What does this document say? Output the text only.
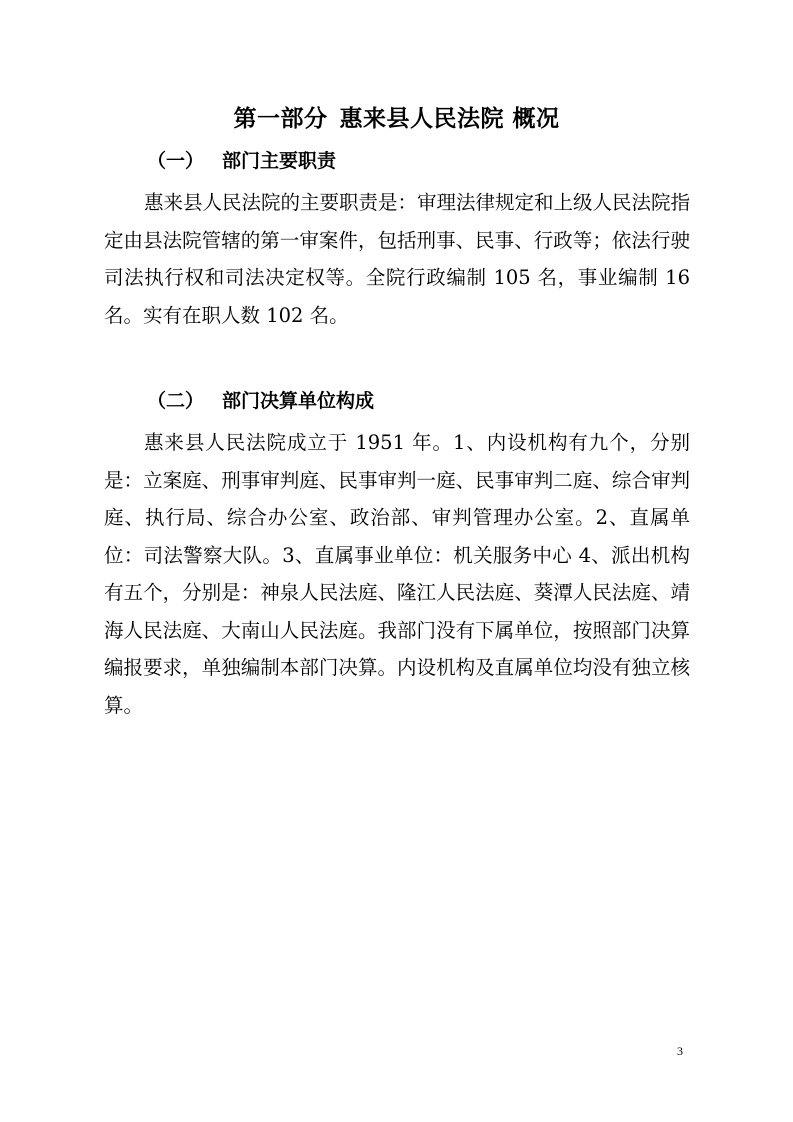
第一部分 惠来县人民法院 概况
（一） 部门主要职责

惠来县人民法院的主要职责是：审理法律规定和上级人民法院指定由县法院管辖的第一审案件，包括刑事、民事、行政等；依法行驶司法执行权和司法决定权等。全院行政编制 105 名，事业编制 16 名。实有在职人数 102 名。

（二） 部门决算单位构成

惠来县人民法院成立于 1951 年。1、内设机构有九个，分别是：立案庭、刑事审判庭、民事审判一庭、民事审判二庭、综合审判庭、执行局、综合办公室、政治部、审判管理办公室。2、直属单位：司法警察大队。3、直属事业单位：机关服务中心 4、派出机构有五个，分别是：神泉人民法庭、隆江人民法庭、葵潭人民法庭、靖海人民法庭、大南山人民法庭。我部门没有下属单位，按照部门决算编报要求，单独编制本部门决算。内设机构及直属单位均没有独立核算。

3
